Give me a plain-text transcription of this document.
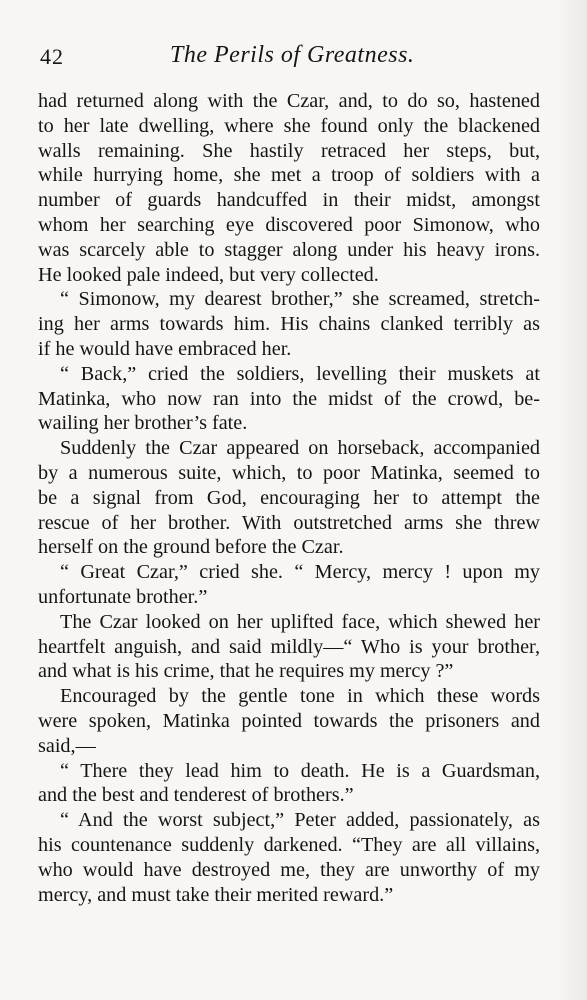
42	The Perils of Greatness.
had returned along with the Czar, and, to do so, hastened
to her late dwelling, where she found only the blackened
walls remaining. She hastily retraced her steps, but,
while hurrying home, she met a troop of soldiers with a
number of guards handcuffed in their midst, amongst
whom her searching eye discovered poor Simonow, who
was scarcely able to stagger along under his heavy irons.
He looked pale indeed, but very collected.
“ Simonow, my dearest brother,” she screamed, stretch-
ing her arms towards him. His chains clanked terribly as
if he would have embraced her.
“ Back,” cried the soldiers, levelling their muskets at
Matinka, who now ran into the midst of the crowd, be-
wailing her brother’s fate.
Suddenly the Czar appeared on horseback, accompanied
by a numerous suite, which, to poor Matinka, seemed to
be a signal from God, encouraging her to attempt the
rescue of her brother. With outstretched arms she threw
herself on the ground before the Czar.
“ Great Czar,” cried she. “ Mercy, mercy ! upon my
unfortunate brother.”
The Czar looked on her uplifted face, which shewed her
heartfelt anguish, and said mildly—“ Who is your brother,
and what is his crime, that he requires my mercy ?”
Encouraged by the gentle tone in which these words
were spoken, Matinka pointed towards the prisoners and
said,—
“ There they lead him to death. He is a Guardsman,
and the best and tenderest of brothers.”
“ And the worst subject,” Peter added, passionately, as
his countenance suddenly darkened. “They are all villains,
who would have destroyed me, they are unworthy of my
mercy, and must take their merited reward.”
